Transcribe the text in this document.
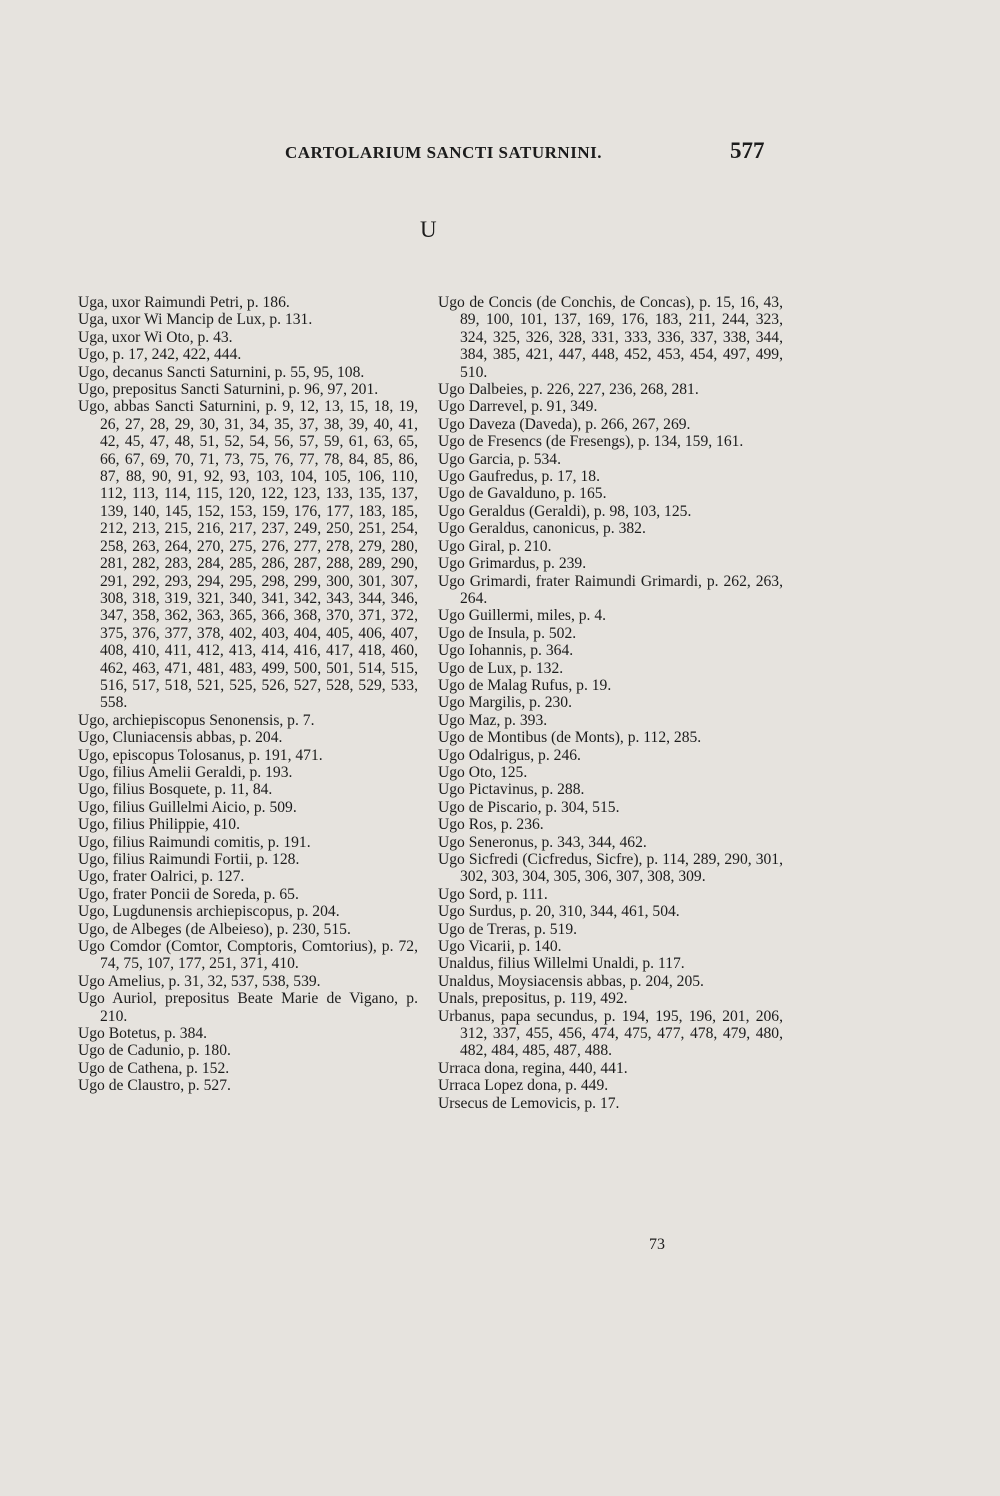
CARTOLARIUM SANCTI SATURNINI.	577
U
Uga, uxor Raimundi Petri, p. 186.
Uga, uxor Wi Mancip de Lux, p. 131.
Uga, uxor Wi Oto, p. 43.
Ugo, p. 17, 242, 422, 444.
Ugo, decanus Sancti Saturnini, p. 55, 95, 108.
Ugo, prepositus Sancti Saturnini, p. 96, 97, 201.
Ugo, abbas Sancti Saturnini, p. 9, 12, 13, 15, 18, 19, 26, 27, 28, 29, 30, 31, 34, 35, 37, 38, 39, 40, 41, 42, 45, 47, 48, 51, 52, 54, 56, 57, 59, 61, 63, 65, 66, 67, 69, 70, 71, 73, 75, 76, 77, 78, 84, 85, 86, 87, 88, 90, 91, 92, 93, 103, 104, 105, 106, 110, 112, 113, 114, 115, 120, 122, 123, 133, 135, 137, 139, 140, 145, 152, 153, 159, 176, 177, 183, 185, 212, 213, 215, 216, 217, 237, 249, 250, 251, 254, 258, 263, 264, 270, 275, 276, 277, 278, 279, 280, 281, 282, 283, 284, 285, 286, 287, 288, 289, 290, 291, 292, 293, 294, 295, 298, 299, 300, 301, 307, 308, 318, 319, 321, 340, 341, 342, 343, 344, 346, 347, 358, 362, 363, 365, 366, 368, 370, 371, 372, 375, 376, 377, 378, 402, 403, 404, 405, 406, 407, 408, 410, 411, 412, 413, 414, 416, 417, 418, 460, 462, 463, 471, 481, 483, 499, 500, 501, 514, 515, 516, 517, 518, 521, 525, 526, 527, 528, 529, 533, 558.
Ugo, archiepiscopus Senonensis, p. 7.
Ugo, Cluniacensis abbas, p. 204.
Ugo, episcopus Tolosanus, p. 191, 471.
Ugo, filius Amelii Geraldi, p. 193.
Ugo, filius Bosquete, p. 11, 84.
Ugo, filius Guillelmi Aicio, p. 509.
Ugo, filius Philippie, 410.
Ugo, filius Raimundi comitis, p. 191.
Ugo, filius Raimundi Fortii, p. 128.
Ugo, frater Oalrici, p. 127.
Ugo, frater Poncii de Soreda, p. 65.
Ugo, Lugdunensis archiepiscopus, p. 204.
Ugo, de Albeges (de Albeieso), p. 230, 515.
Ugo Comdor (Comtor, Comptoris, Comtorius), p. 72, 74, 75, 107, 177, 251, 371, 410.
Ugo Amelius, p. 31, 32, 537, 538, 539.
Ugo Auriol, prepositus Beate Marie de Vigano, p. 210.
Ugo Botetus, p. 384.
Ugo de Cadunio, p. 180.
Ugo de Cathena, p. 152.
Ugo de Claustro, p. 527.
Ugo de Concis (de Conchis, de Concas), p. 15, 16, 43, 89, 100, 101, 137, 169, 176, 183, 211, 244, 323, 324, 325, 326, 328, 331, 333, 336, 337, 338, 344, 384, 385, 421, 447, 448, 452, 453, 454, 497, 499, 510.
Ugo Dalbeies, p. 226, 227, 236, 268, 281.
Ugo Darrevel, p. 91, 349.
Ugo Daveza (Daveda), p. 266, 267, 269.
Ugo de Fresencs (de Fresengs), p. 134, 159, 161.
Ugo Garcia, p. 534.
Ugo Gaufredus, p. 17, 18.
Ugo de Gavalduno, p. 165.
Ugo Geraldus (Geraldi), p. 98, 103, 125.
Ugo Geraldus, canonicus, p. 382.
Ugo Giral, p. 210.
Ugo Grimardus, p. 239.
Ugo Grimardi, frater Raimundi Grimardi, p. 262, 263, 264.
Ugo Guillermi, miles, p. 4.
Ugo de Insula, p. 502.
Ugo Iohannis, p. 364.
Ugo de Lux, p. 132.
Ugo de Malag Rufus, p. 19.
Ugo Margilis, p. 230.
Ugo Maz, p. 393.
Ugo de Montibus (de Monts), p. 112, 285.
Ugo Odalrigus, p. 246.
Ugo Oto, 125.
Ugo Pictavinus, p. 288.
Ugo de Piscario, p. 304, 515.
Ugo Ros, p. 236.
Ugo Seneronus, p. 343, 344, 462.
Ugo Sicfredi (Cicfredus, Sicfre), p. 114, 289, 290, 301, 302, 303, 304, 305, 306, 307, 308, 309.
Ugo Sord, p. 111.
Ugo Surdus, p. 20, 310, 344, 461, 504.
Ugo de Treras, p. 519.
Ugo Vicarii, p. 140.
Unaldus, filius Willelmi Unaldi, p. 117.
Unaldus, Moysiacensis abbas, p. 204, 205.
Unals, prepositus, p. 119, 492.
Urbanus, papa secundus, p. 194, 195, 196, 201, 206, 312, 337, 455, 456, 474, 475, 477, 478, 479, 480, 482, 484, 485, 487, 488.
Urraca dona, regina, 440, 441.
Urraca Lopez dona, p. 449.
Ursecus de Lemovicis, p. 17.
73
